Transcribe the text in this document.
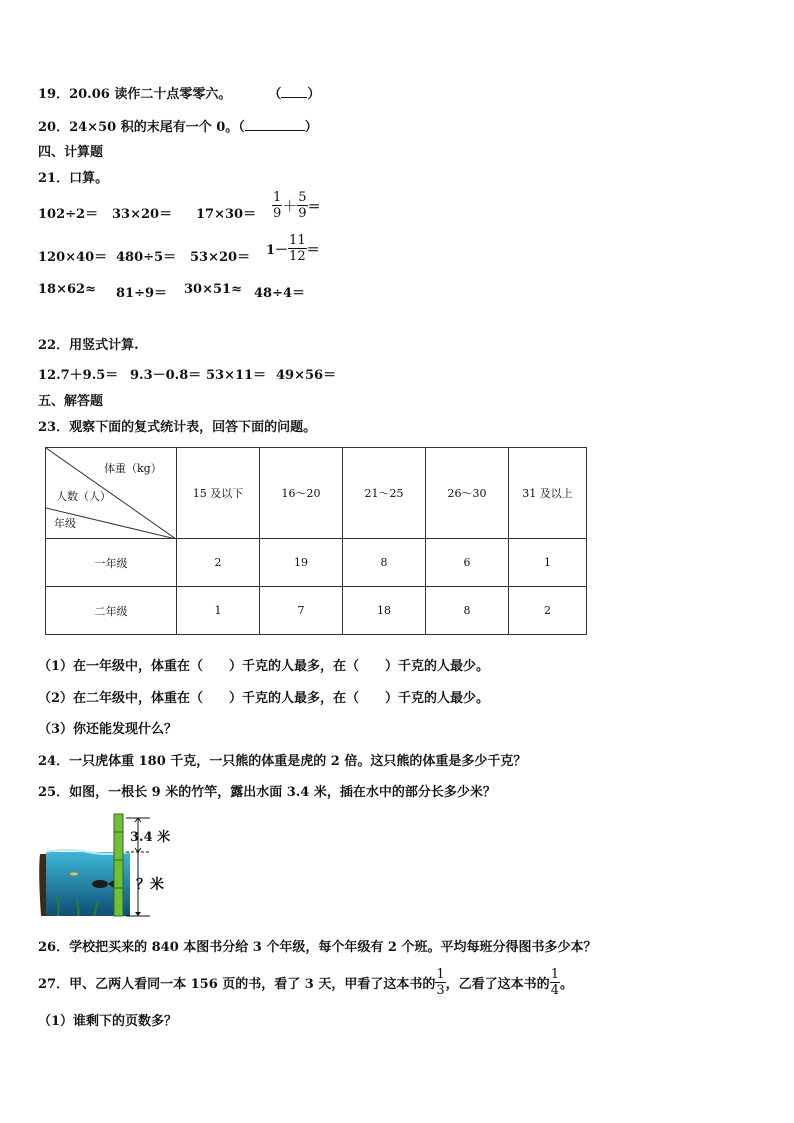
19．20.06 读作二十点零零六。	（ ）
20．24×50 积的末尾有一个 0。（	）
四、计算题
21．口算。
$102\div 2= 33\times 20= 17\times 30= \frac{1}{9} + \frac{5}{9}$ ＝
$120\times 40= 480\div 5= 53\times 20= 1- \frac{11}{12}$ ＝
18×62≈ 81÷9＝ 30×51≈ 48÷4＝
22．用竖式计算.
12.7＋9.5＝ 9.3－0.8＝ 53×11＝ 49×56＝
五、解答题
23．观察下面的复式统计表，回答下面的问题。
体重（kg）
人数（人）
年级	15 及以下	16～20	21～25	26～30	31 及以上
一年级	2	19	8	6	1
二年级	1	7	18	8	2
（1）在一年级中，体重在（　　）千克的人最多，在（　　）千克的人最少。
（2）在二年级中，体重在（　　）千克的人最多，在（　　）千克的人最少。
（3）你还能发现什么？
24．一只虎体重 180 千克，一只熊的体重是虎的 2 倍。这只熊的体重是多少千克？
25．如图，一根长 9 米的竹竿，露出水面 3.4 米，插在水中的部分长多少米？
3.4 米
？米
26．学校把买来的 840 本图书分给 3 个年级，每个年级有 2 个班。平均每班分得图书多少本？
27．甲、乙两人看同一本 156 页的书，看了 3 天，甲看了这本书的 $\frac{1}{3}$ ，乙看了这本书的 $\frac{1}{4}$ 。
（1）谁剩下的页数多？
